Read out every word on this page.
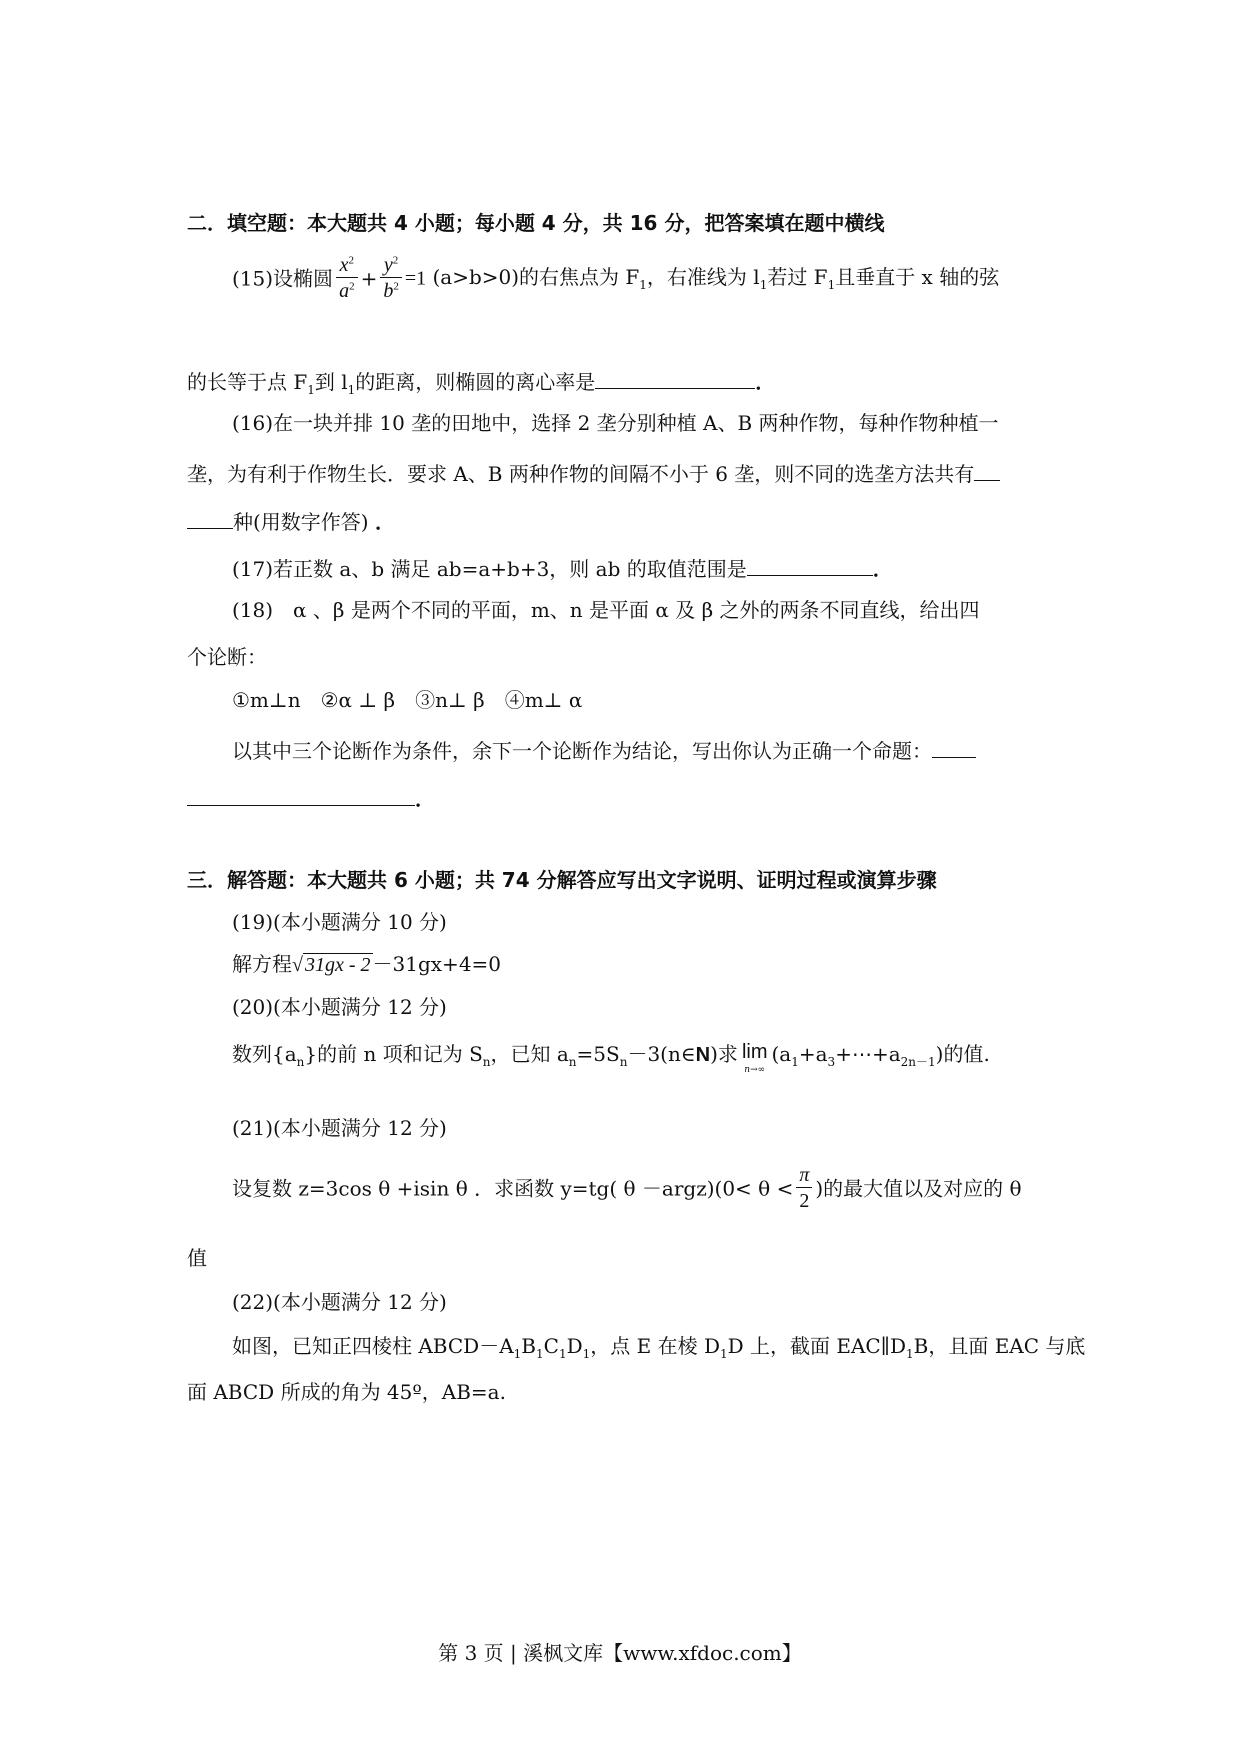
二．填空题：本大题共 4 小题；每小题 4 分，共 16 分，把答案填在题中横线
(15)设椭圆 $\frac{x^2}{a^2} + \frac{y^2}{b^2} =1$ (a>b>0)的右焦点为 $F_1$，右准线为 $l_1$若过 $F_1$且垂直于 x 轴的弦
的长等于点 $F_1$到 $l_1$的距离，则椭圆的离心率是	．
(16)在一块并排 10 垄的田地中，选择 2 垄分别种植 A、B 两种作物，每种作物种植一
垄，为有利于作物生长．要求 A、B 两种作物的间隔不小于 6 垄，则不同的选垄方法共有
种(用数字作答) ．
(17)若正数 a、b 满足 ab=a+b+3，则 ab 的取值范围是	．
(18)　α 、β 是两个不同的平面，m、n 是平面 α 及 β 之外的两条不同直线，给出四
个论断：
①m⊥n　②α ⊥ β　③n⊥ β　④m⊥ α
以其中三个论断作为条件，余下一个论断作为结论，写出你认为正确一个命题：
．
三．解答题：本大题共 6 小题；共 74 分解答应写出文字说明、证明过程或演算步骤
(19)(本小题满分 10 分)
解方程√ 31gx - 2 －31gx+4=0
(20)(本小题满分 12 分)
数列$\{a_n\}$的前 n 项和记为 $S_n$，已知 $a_n=5S_n-3(n\in N)$求 lim
n→∞
$(a_1+a_3+\cdots+a_{2n-1})$的值.
(21)(本小题满分 12 分)
设复数 z=3cos θ +isin θ ．求函数 y=tg( θ －argz)(0< $\theta < \frac{\pi}{2}$ )的最大值以及对应的 θ
值
(22)(本小题满分 12 分)
如图，已知正四棱柱 $ABCD-A_1B_1C_1D_1$，点 E 在棱 $D_1D$ 上，截面 $EAC\parallel D_1B$，且面 EAC 与底
面 ABCD 所成的角为 45º，AB=a.
第 3 页 | 溪枫文库【www.xfdoc.com】
